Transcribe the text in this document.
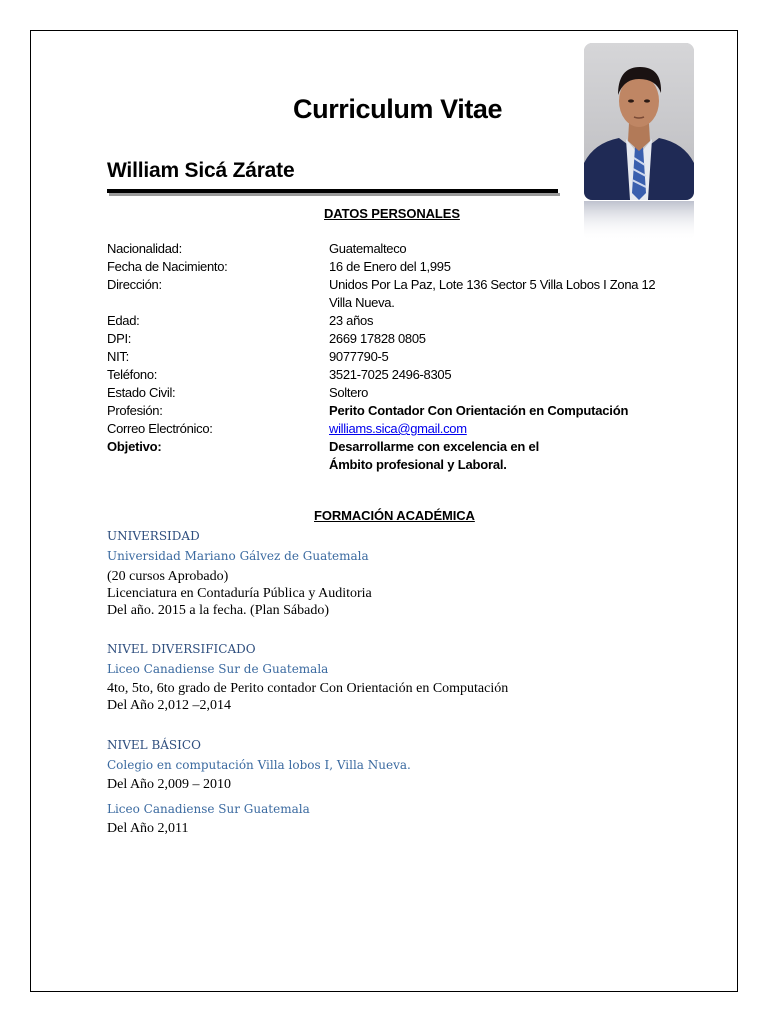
Curriculum Vitae
William Sicá Zárate
DATOS PERSONALES
Nacionalidad:	Guatemalteco
Fecha de Nacimiento:	16 de Enero del 1,995
Dirección:	Unidos Por La Paz, Lote 136 Sector 5 Villa Lobos I Zona 12
Villa Nueva.
Edad:	23 años
DPI:	2669 17828 0805
NIT:	9077790-5
Teléfono:	3521-7025 2496-8305
Estado Civil:	Soltero
Profesión:	Perito Contador Con Orientación en Computación
Correo Electrónico:	williams.sica@gmail.com
Objetivo:	Desarrollarme con excelencia en el
Ámbito profesional y Laboral.
FORMACIÓN ACADÉMICA
UNIVERSIDAD
Universidad Mariano Gálvez de Guatemala
(20 cursos Aprobado)
Licenciatura en Contaduría Pública y Auditoria
Del año. 2015 a la fecha. (Plan Sábado)
NIVEL DIVERSIFICADO
Liceo Canadiense Sur de Guatemala
4to, 5to, 6to grado de Perito contador Con Orientación en Computación
Del Año 2,012 –2,014
NIVEL BÁSICO
Colegio en computación Villa lobos I, Villa Nueva.
Del Año 2,009 – 2010
Liceo Canadiense Sur Guatemala
Del Año 2,011
